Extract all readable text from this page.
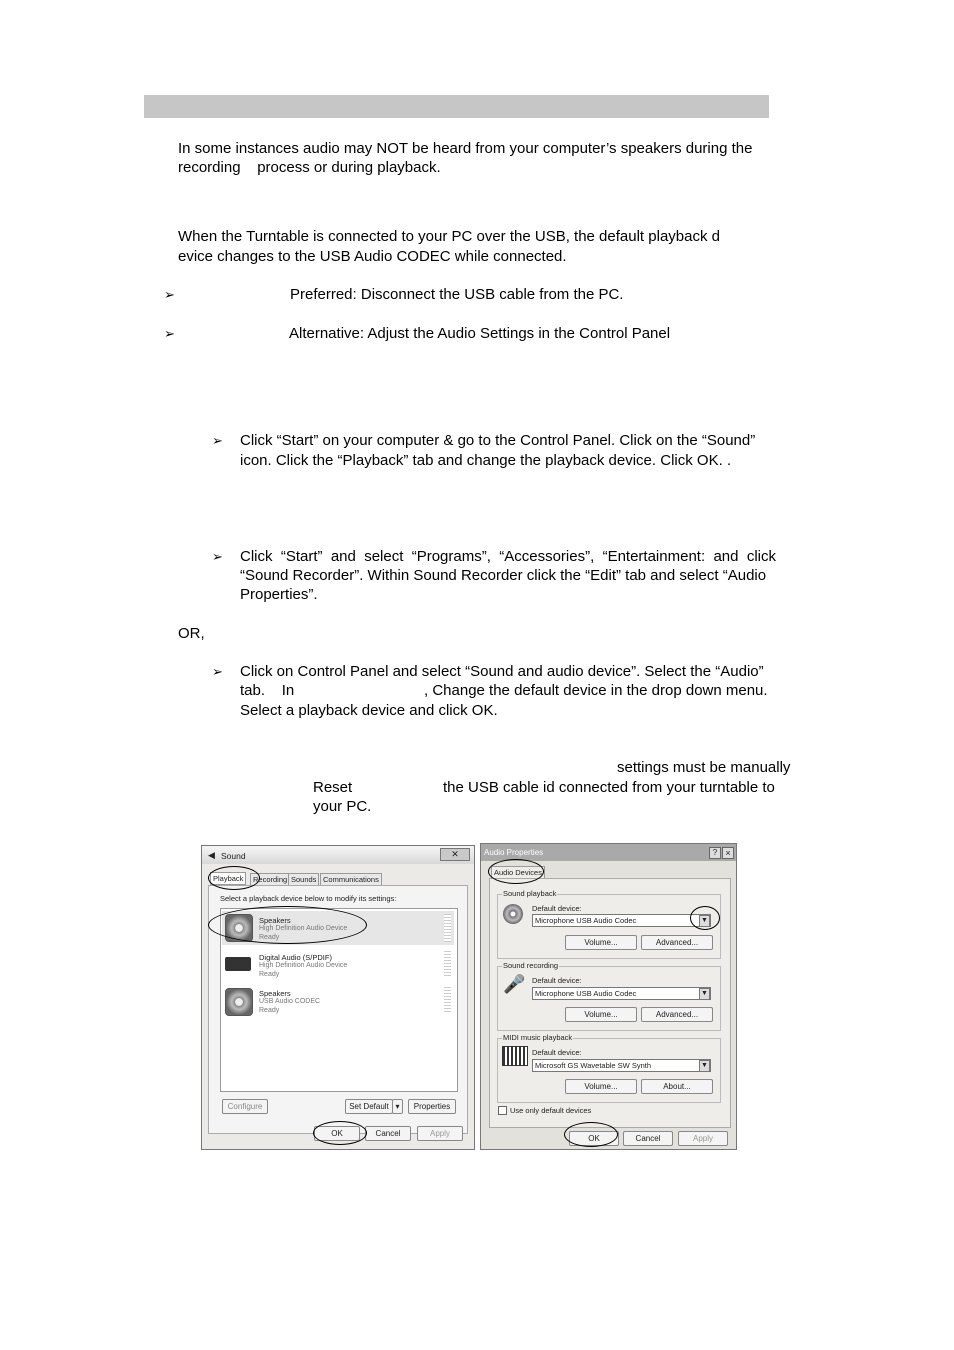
In some instances audio may NOT be heard from your computer’s speakers during the
recording    process or during playback.
When the Turntable is connected to your PC over the USB, the default playback d
evice changes to the USB Audio CODEC while connected.
➢	Preferred: Disconnect the USB cable from the PC.
➢	Alternative: Adjust the Audio Settings in the Control Panel
➢ Click “Start” on your computer & go to the Control Panel. Click on the “Sound”
icon. Click the “Playback” tab and change the playback device. Click OK. .
➢ Click  “Start”  and  select  “Programs”,  “Accessories”,  “Entertainment:  and  click
“Sound Recorder”. Within Sound Recorder click the “Edit” tab and select “Audio
Properties”.
OR,
➢ Click on Control Panel and select “Sound and audio device”. Select the “Audio”
tab.    In	, Change the default device in the drop down menu.
Select a playback device and click OK.
settings must be manually
Reset	the USB cable id connected from your turntable to
your PC.
◀ Sound	✕
Playback	Recording Sounds Communications
Select a playback device below to modify its settings:
Speakers
High Definition Audio Device
Ready
Digital Audio (S/PDIF)
High Definition Audio Device
Ready
Speakers
USB Audio CODEC
Ready
Configure	Set Default ▾	Properties
OK	Cancel	Apply
Audio Properties	? ×
Audio Devices
Sound playback
Default device:
Microphone USB Audio Codec	▼
Volume...	Advanced...
Sound recording
🎤 Default device:
Microphone USB Audio Codec	▼
Volume...	Advanced...
MIDI music playback
Default device:
Microsoft GS Wavetable SW Synth	▼
Volume...	About...
Use only default devices
OK	Cancel	Apply
